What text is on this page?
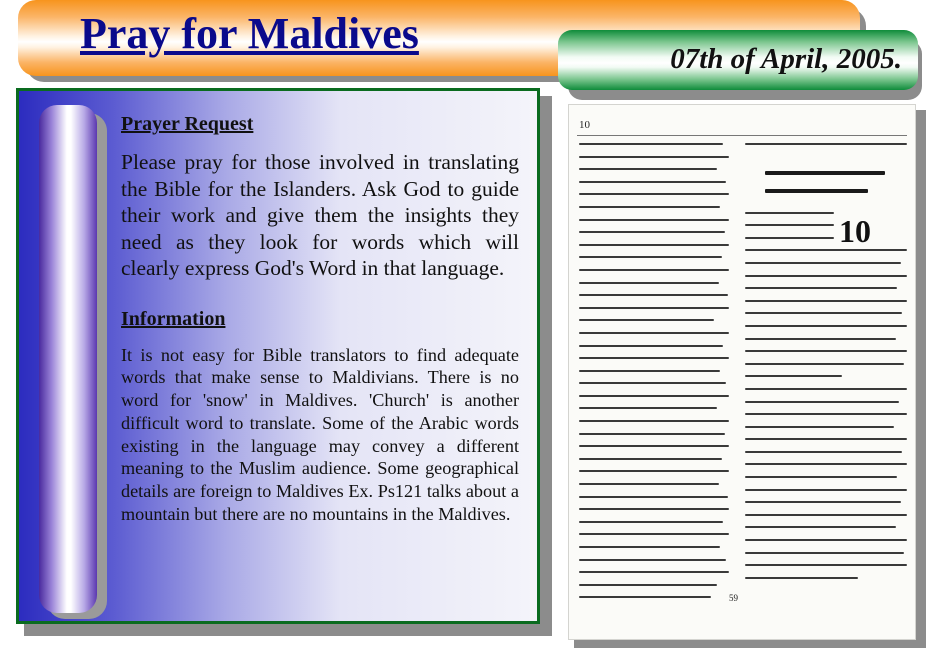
Pray for Maldives
07th of April, 2005.
Prayer Request

Please pray for those involved in translating the Bible for the Islanders. Ask God to guide their work and give them the insights they need as they look for words which will clearly express God's Word in that language.

Information

It is not easy for Bible translators to find adequate words that make sense to Maldivians. There is no word for 'snow' in Maldives. 'Church' is another difficult word to translate. Some of the Arabic words existing in the language may convey a different meaning to the Muslim audience. Some geographical details are foreign to Maldives Ex. Ps121 talks about a mountain but there are no mountains in the Maldives.

10
10
59
